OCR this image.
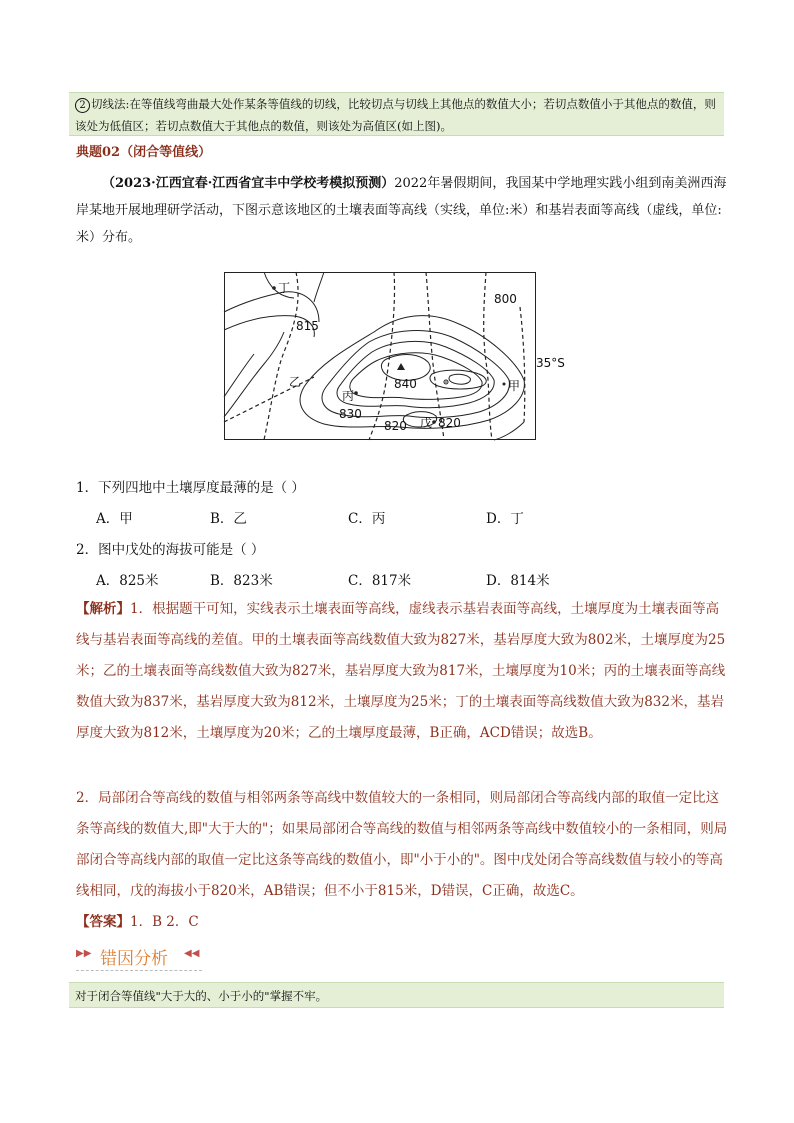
2 切线法:在等值线弯曲最大处作某条等值线的切线，比较切点与切线上其他点的数值大小；若切点数值小于其他点的数值，则该处为低值区；若切点数值大于其他点的数值，则该处为高值区(如上图)。
典题02（闭合等值线）
（2023·江西宜春·江西省宜丰中学校考模拟预测）2022年暑假期间，我国某中学地理实践小组到南美洲西海岸某地开展地理研学活动，下图示意该地区的土壤表面等高线（实线，单位:米）和基岩表面等高线（虚线，单位:米）分布。
丁
乙
丙
甲
戊
800
815
840
830
820	820
35°S
1．下列四地中土壤厚度最薄的是（ ）
A．甲	B．乙	C．丙	D．丁
2．图中戊处的海拔可能是（ ）
A．825米	B．823米	C．817米	D．814米
【解析】1．根据题干可知，实线表示土壤表面等高线，虚线表示基岩表面等高线，土壤厚度为土壤表面等高线与基岩表面等高线的差值。甲的土壤表面等高线数值大致为827米，基岩厚度大致为802米，土壤厚度为25米；乙的土壤表面等高线数值大致为827米，基岩厚度大致为817米，土壤厚度为10米；丙的土壤表面等高线数值大致为837米，基岩厚度大致为812米，土壤厚度为25米；丁的土壤表面等高线数值大致为832米，基岩厚度大致为812米，土壤厚度为20米；乙的土壤厚度最薄，B正确，ACD错误；故选B。
2．局部闭合等高线的数值与相邻两条等高线中数值较大的一条相同，则局部闭合等高线内部的取值一定比这条等高线的数值大,即"大于大的"；如果局部闭合等高线的数值与相邻两条等高线中数值较小的一条相同，则局部闭合等高线内部的取值一定比这条等高线的数值小，即"小于小的"。图中戊处闭合等高线数值与较小的等高线相同，戊的海拔小于820米，AB错误；但不小于815米，D错误，C正确，故选C。
【答案】1．B 2．C
▶▶ 错因分析 ◀◀
对于闭合等值线"大于大的、小于小的"掌握不牢。
